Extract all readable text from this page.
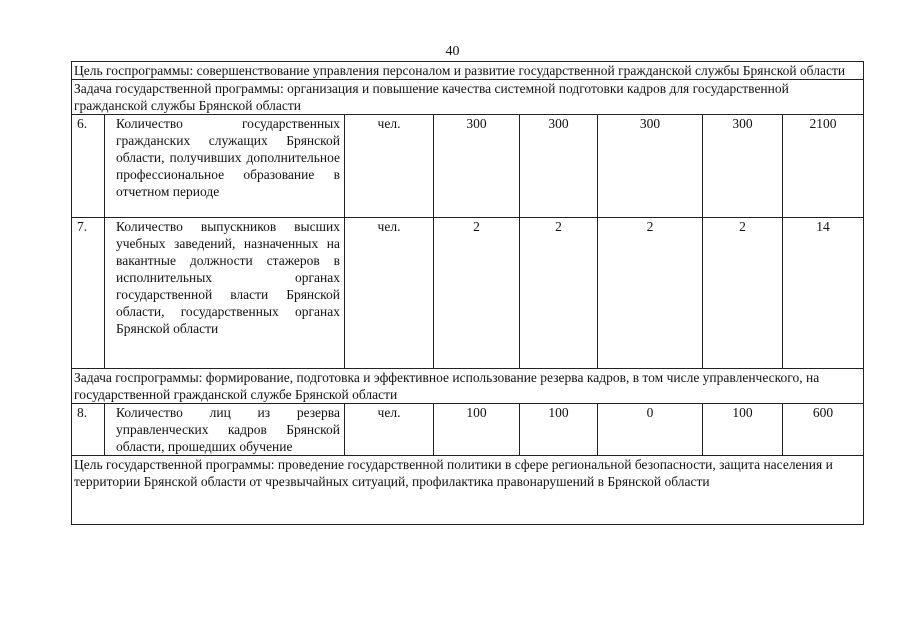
40
Цель госпрограммы: совершенствование управления персоналом и развитие государственной гражданской службы Брянской области							
Задача государственной программы: организация и повышение качества системной подготовки кадров для государственной гражданской службы Брянской области							
6.	Количество государственных гражданских служащих Брянской области, получивших дополнительное профессиональное образование в отчетном периоде	чел.	300	300	300	300	2100
7.	Количество выпускников высших учебных заведений, назначенных на вакантные должности стажеров в исполнительных органах государственной власти Брянской области, государственных органах Брянской области	чел.	2	2	2	2	14
Задача госпрограммы: формирование, подготовка и эффективное использование резерва кадров, в том числе управленческого, на государственной гражданской службе Брянской области							
8.	Количество лиц из резерва управленческих кадров Брянской области, прошедших обучение	чел.	100	100	0	100	600
Цель государственной программы: проведение государственной политики в сфере региональной безопасности, защита населения и территории Брянской области от чрезвычайных ситуаций, профилактика правонарушений в Брянской области							
